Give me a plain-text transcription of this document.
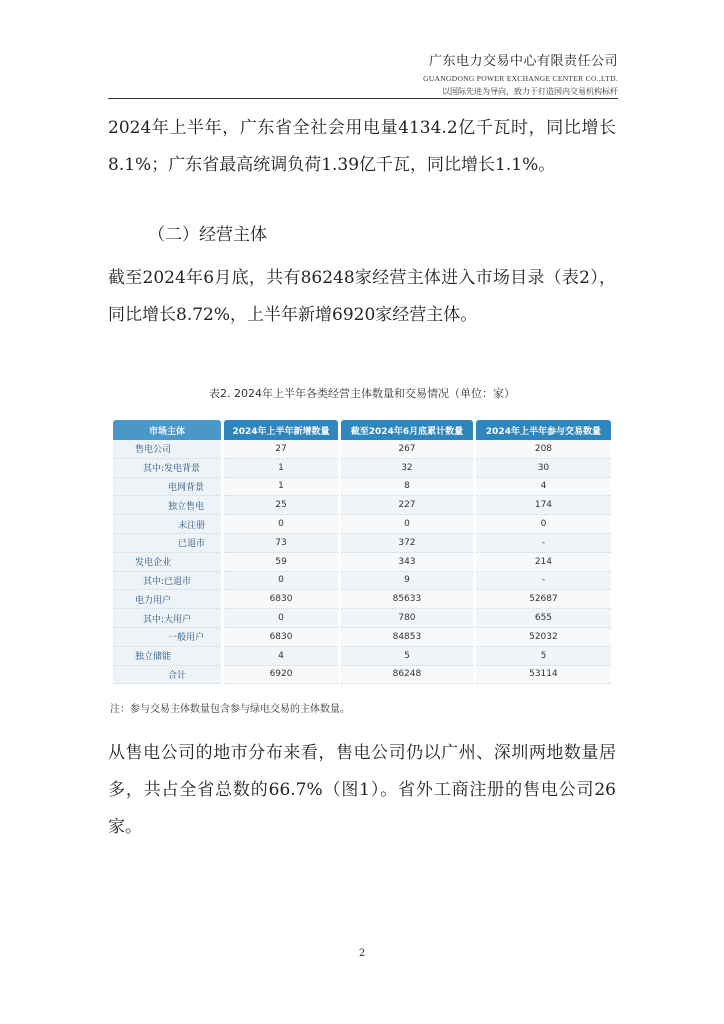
广东电力交易中心有限责任公司
GUANGDONG POWER EXCHANGE CENTER CO.,LTD.
以国际先进为导向，致力于打造国内交易机构标杆
2024年上半年，广东省全社会用电量4134.2亿千瓦时，同比增长8.1%；广东省最高统调负荷1.39亿千瓦，同比增长1.1%。
（二）经营主体
截至2024年6月底，共有86248家经营主体进入市场目录（表2），同比增长8.72%，上半年新增6920家经营主体。
表2. 2024年上半年各类经营主体数量和交易情况（单位：家）
市场主体	2024年上半年新增数量	截至2024年6月底累计数量	2024年上半年参与交易数量
售电公司	27	267	208
其中:发电背景	1	32	30
电网背景	1	8	4
独立售电	25	227	174
未注册	0	0	0
已退市	73	372	-
发电企业	59	343	214
其中:已退市	0	9	-
电力用户	6830	85633	52687
其中:大用户	0	780	655
一般用户	6830	84853	52032
独立储能	4	5	5
合计	6920	86248	53114
注：参与交易主体数量包含参与绿电交易的主体数量。
从售电公司的地市分布来看，售电公司仍以广州、深圳两地数量居多，共占全省总数的66.7%（图1）。省外工商注册的售电公司26家。
2
